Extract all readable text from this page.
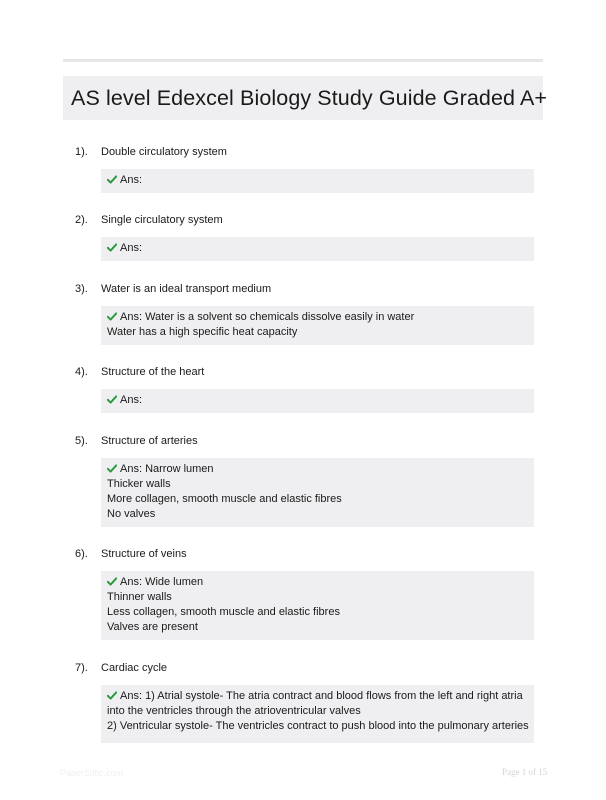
AS level Edexcel Biology Study Guide Graded A+
1). Double circulatory system
Ans:
2). Single circulatory system
Ans:
3). Water is an ideal transport medium
Ans: Water is a solvent so chemicals dissolve easily in water
Water has a high specific heat capacity
4). Structure of the heart
Ans:
5). Structure of arteries
Ans: Narrow lumen
Thicker walls
More collagen, smooth muscle and elastic fibres
No valves
6). Structure of veins
Ans: Wide lumen
Thinner walls
Less collagen, smooth muscle and elastic fibres
Valves are present
7). Cardiac cycle
Ans: 1) Atrial systole- The atria contract and blood flows from the left and right atria
into the ventricles through the atrioventricular valves
2) Ventricular systole- The ventricles contract to push blood into the pulmonary arteries
PaperStitic.com	Page 1 of 15
